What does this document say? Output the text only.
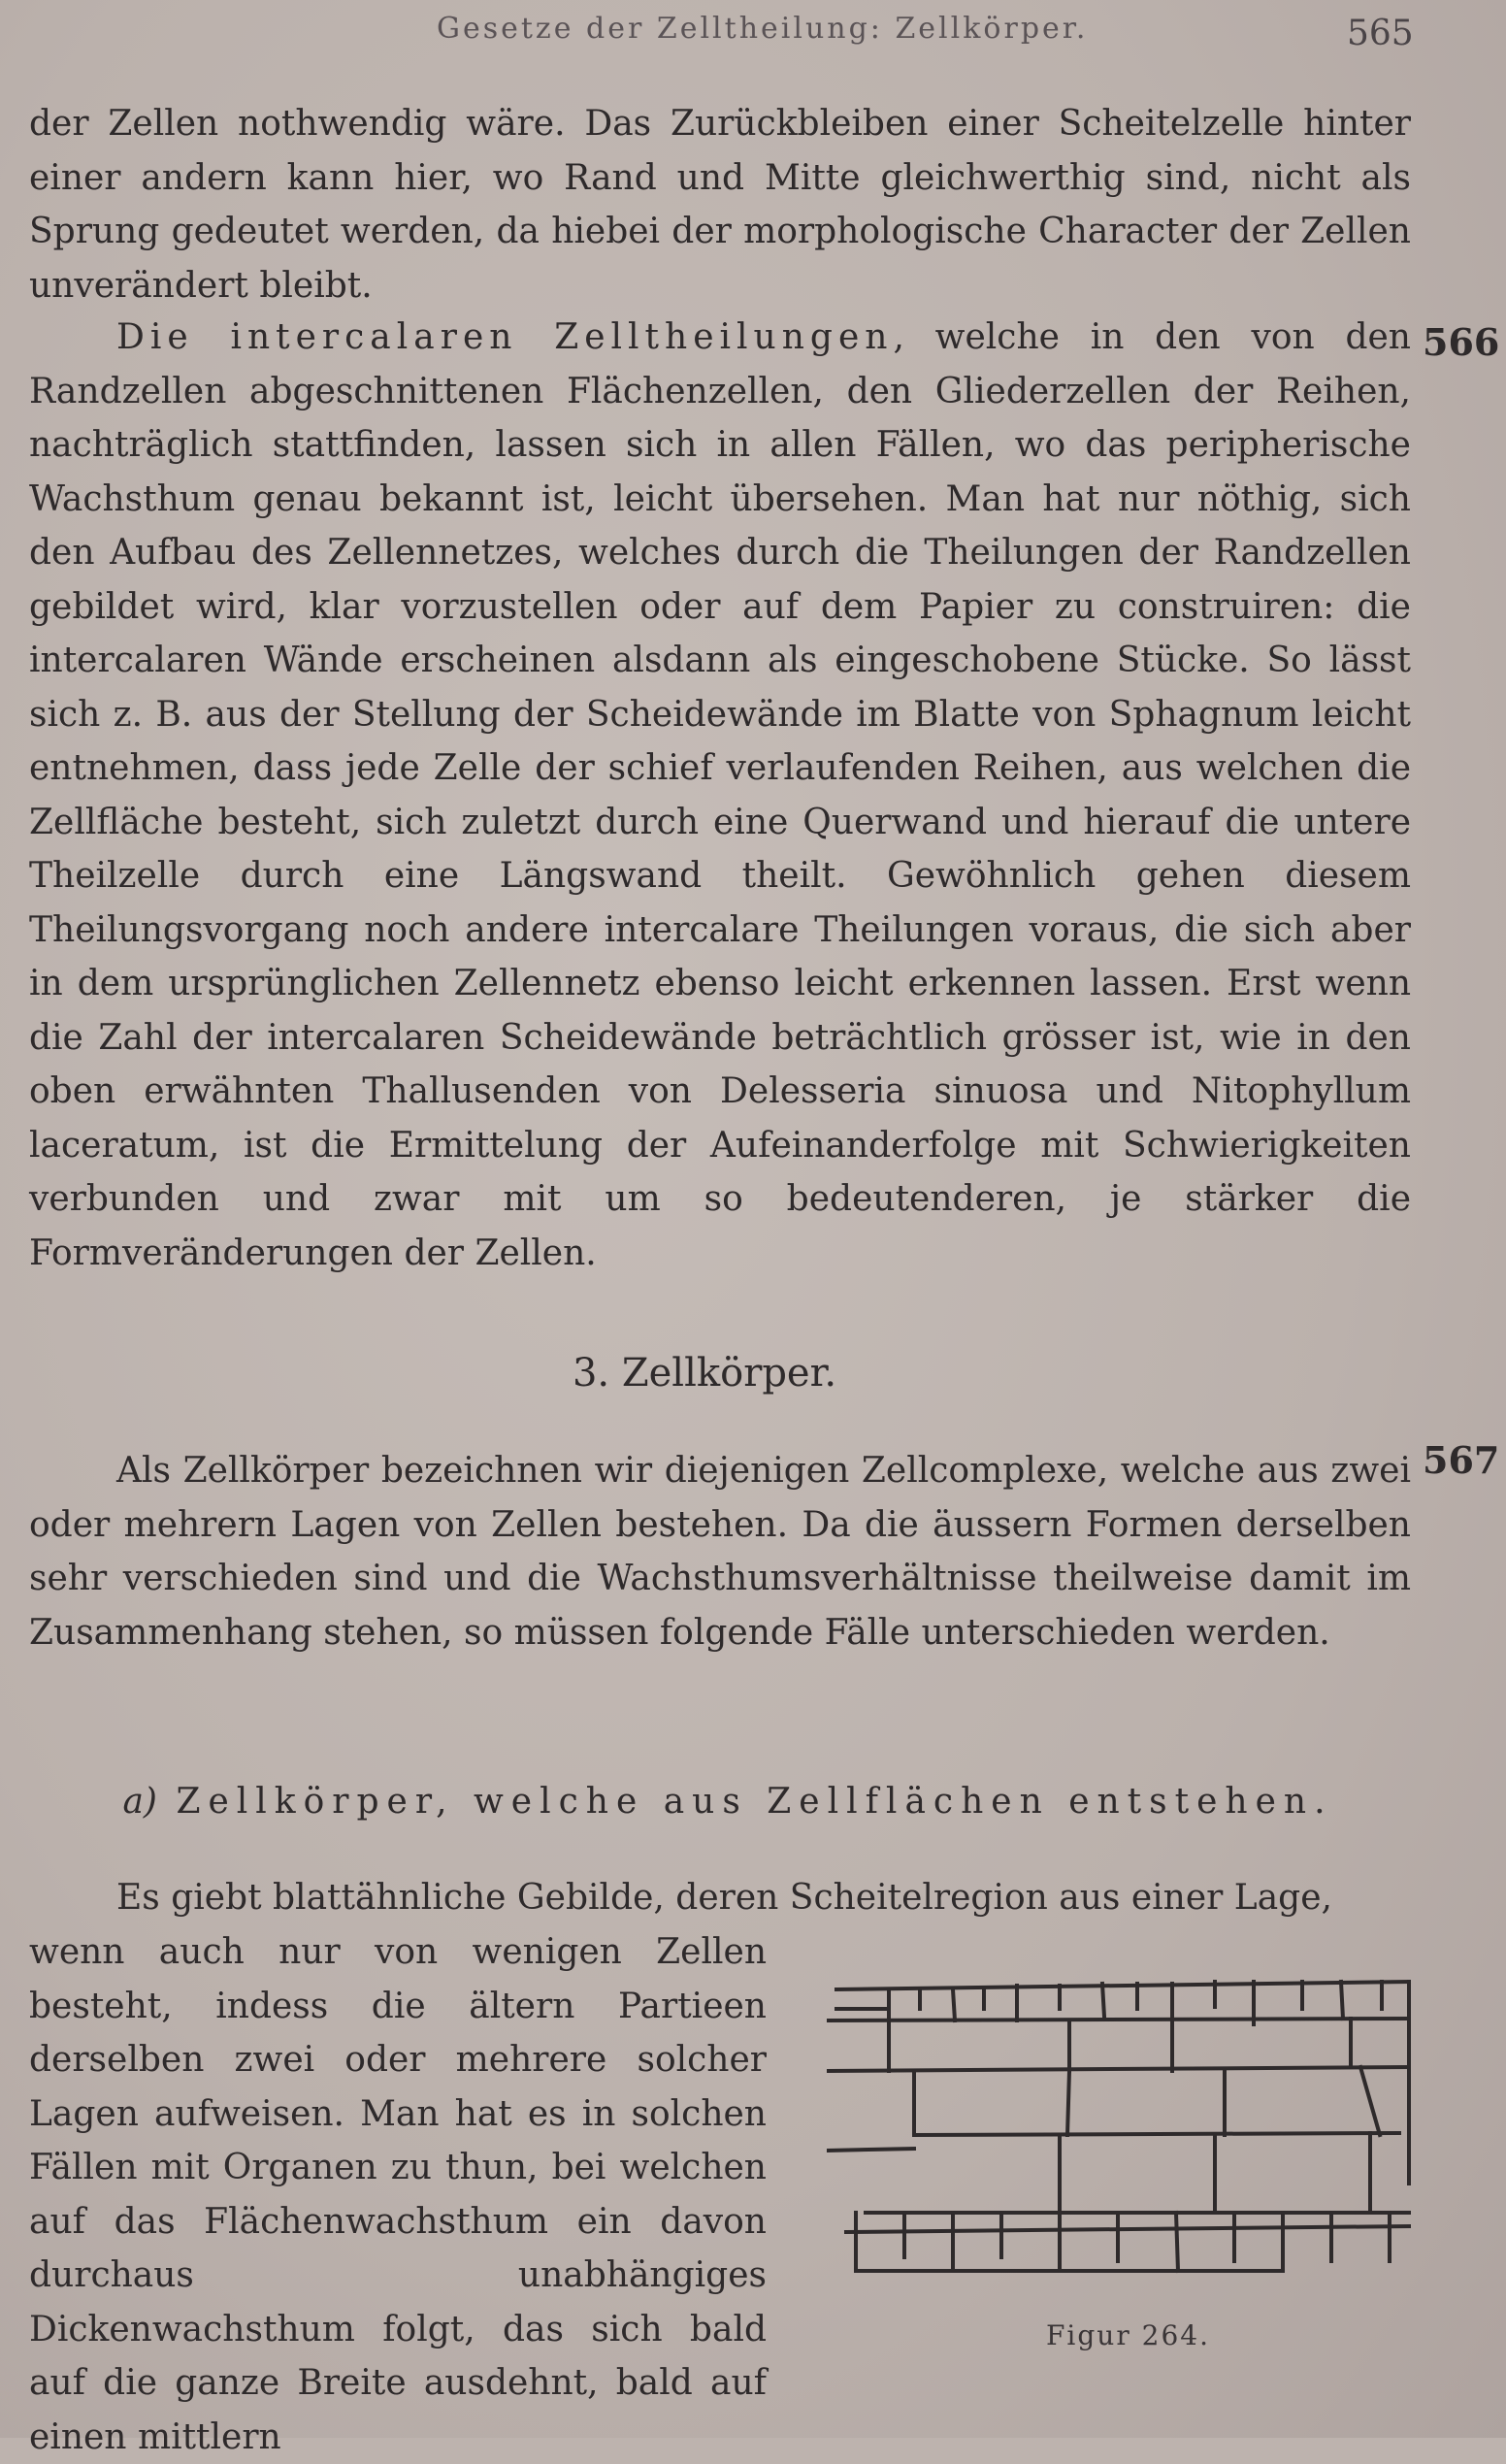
Gesetze der Zelltheilung: Zellkörper.	565

der Zellen nothwendig wäre. Das Zurückbleiben einer Scheitelzelle hinter einer andern kann hier, wo Rand und Mitte gleichwerthig sind, nicht als Sprung gedeutet werden, da hiebei der morphologische Character der Zellen unverändert bleibt.

Die intercalaren Zelltheilungen, welche in den von den Randzellen abgeschnittenen Flächenzellen, den Gliederzellen der Reihen, nachträglich stattfinden, lassen sich in allen Fällen, wo das peripherische Wachsthum genau bekannt ist, leicht übersehen. Man hat nur nöthig, sich den Aufbau des Zellennetzes, welches durch die Theilungen der Randzellen gebildet wird, klar vorzustellen oder auf dem Papier zu construiren: die intercalaren Wände erscheinen alsdann als eingeschobene Stücke. So lässt sich z. B. aus der Stellung der Scheidewände im Blatte von Sphagnum leicht entnehmen, dass jede Zelle der schief verlaufenden Reihen, aus welchen die Zellfläche besteht, sich zuletzt durch eine Querwand und hierauf die untere Theilzelle durch eine Längswand theilt. Gewöhnlich gehen diesem Theilungsvorgang noch andere intercalare Theilungen voraus, die sich aber in dem ursprünglichen Zellennetz ebenso leicht erkennen lassen. Erst wenn die Zahl der intercalaren Scheidewände beträchtlich grösser ist, wie in den oben erwähnten Thallusenden von Delesseria sinuosa und Nitophyllum laceratum, ist die Ermittelung der Aufeinanderfolge mit Schwierigkeiten verbunden und zwar mit um so bedeutenderen, je stärker die Formveränderungen der Zellen.

566
3. Zellkörper.

Als Zellkörper bezeichnen wir diejenigen Zellcomplexe, welche aus zwei oder mehrern Lagen von Zellen bestehen. Da die äussern Formen derselben sehr verschieden sind und die Wachsthumsverhältnisse theilweise damit im Zusammenhang stehen, so müssen folgende Fälle unterschieden werden.

567
a) Zellkörper, welche aus Zellflächen entstehen.

Es giebt blattähnliche Gebilde, deren Scheitelregion aus einer Lage,

wenn auch nur von wenigen Zellen besteht, indess die ältern Partieen derselben zwei oder mehrere solcher Lagen aufweisen. Man hat es in solchen Fällen mit Organen zu thun, bei welchen auf das Flächenwachsthum ein davon durchaus unabhängiges Dickenwachsthum folgt, das sich bald auf die ganze Breite ausdehnt, bald auf einen mittlern

Figur 264.
